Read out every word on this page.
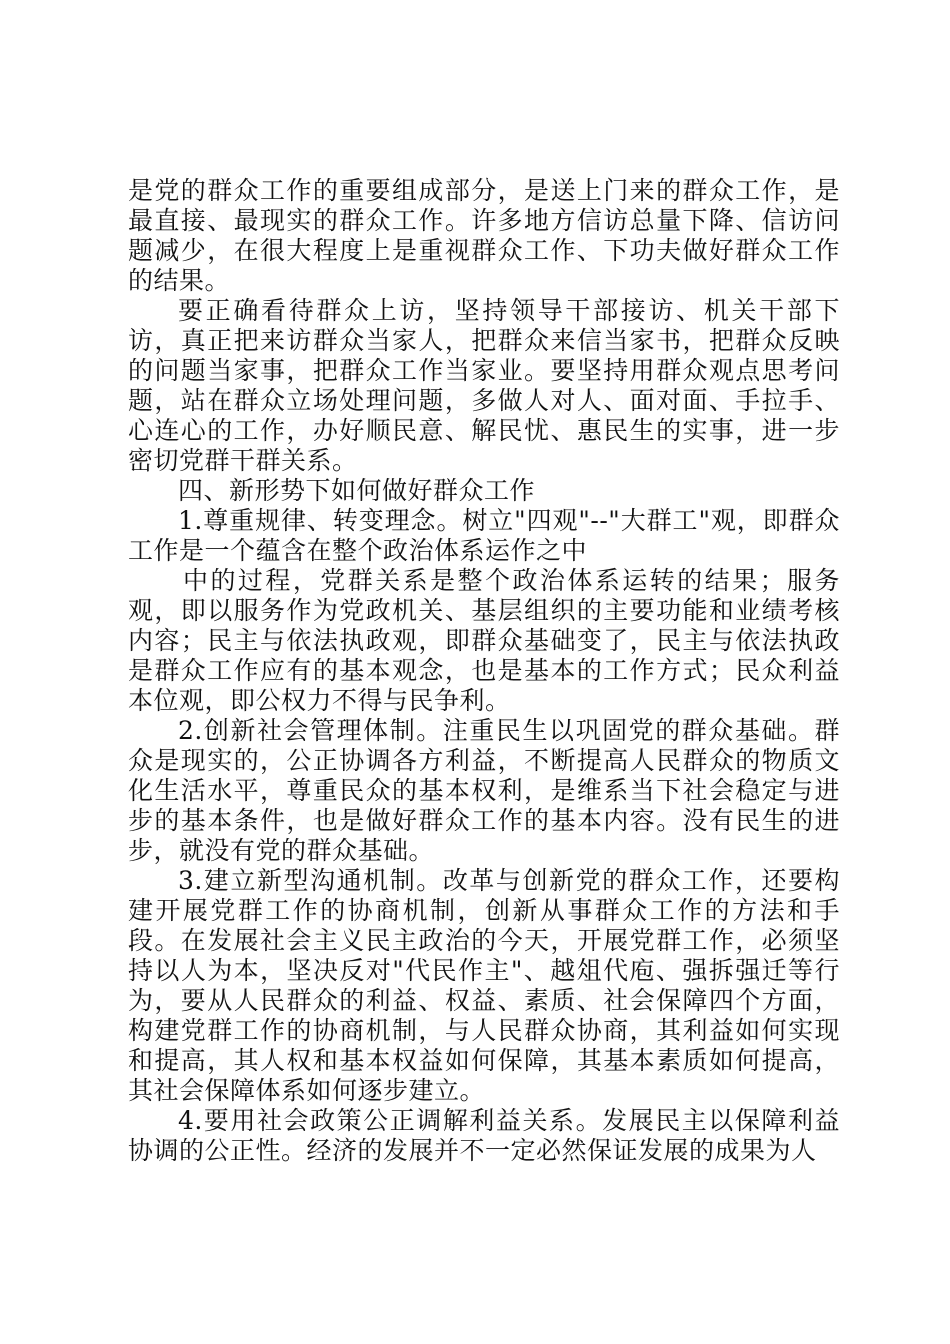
是党的群众工作的重要组成部分，是送上门来的群众工作，是最直接、最现实的群众工作。许多地方信访总量下降、信访问题减少，在很大程度上是重视群众工作、下功夫做好群众工作的结果。

要正确看待群众上访，坚持领导干部接访、机关干部下访，真正把来访群众当家人，把群众来信当家书，把群众反映的问题当家事，把群众工作当家业。要坚持用群众观点思考问题，站在群众立场处理问题，多做人对人、面对面、手拉手、心连心的工作，办好顺民意、解民忧、惠民生的实事，进一步密切党群干群关系。

四、新形势下如何做好群众工作

1.尊重规律、转变理念。树立"四观"--"大群工"观，即群众工作是一个蕴含在整个政治体系运作之中

中的过程，党群关系是整个政治体系运转的结果；服务观，即以服务作为党政机关、基层组织的主要功能和业绩考核内容；民主与依法执政观，即群众基础变了，民主与依法执政是群众工作应有的基本观念，也是基本的工作方式；民众利益本位观，即公权力不得与民争利。

2.创新社会管理体制。注重民生以巩固党的群众基础。群众是现实的，公正协调各方利益，不断提高人民群众的物质文化生活水平，尊重民众的基本权利，是维系当下社会稳定与进步的基本条件，也是做好群众工作的基本内容。没有民生的进步，就没有党的群众基础。

3.建立新型沟通机制。改革与创新党的群众工作，还要构建开展党群工作的协商机制，创新从事群众工作的方法和手段。在发展社会主义民主政治的今天，开展党群工作，必须坚持以人为本，坚决反对"代民作主"、越俎代庖、强拆强迁等行为，要从人民群众的利益、权益、素质、社会保障四个方面，构建党群工作的协商机制，与人民群众协商，其利益如何实现和提高，其人权和基本权益如何保障，其基本素质如何提高，其社会保障体系如何逐步建立。

4.要用社会政策公正调解利益关系。发展民主以保障利益协调的公正性。经济的发展并不一定必然保证发展的成果为人
